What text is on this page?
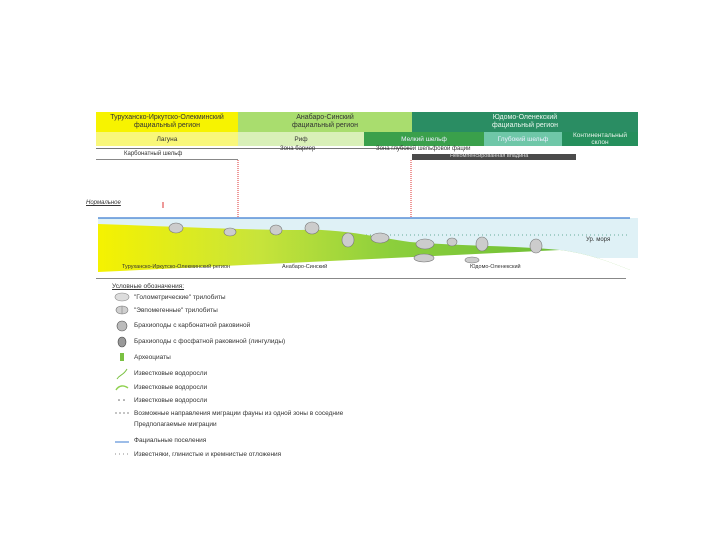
Туруханско-Иркутско-Олекминский
фациальный регион
Анабаро-Синский
фациальный регион
Юдомо-Оленекский
фациальный регион
Лагуна	Риф	Мелкий шельф	Глубокий шельф	Континентальный
склон
Карбонатный шельф
Зона бариер	Зона глубокой шельфовой фации
Некомпенсированная впадина
Нормальное
Ур. моря
Туруханско-Иркутско-Олекминский регион	Анабаро-Синский	Юдомо-Оленекский
Условные обозначения:
"Голометрические" трилобиты
"Эвпомегенные" трилобиты
Брахиоподы с карбонатной раковиной
Брахиоподы с фосфатной раковиной (лингулиды)
Археоциаты
Известковые водоросли
Известковые водоросли
Известковые водоросли
Возможные направления миграции фауны из одной зоны в соседние
Предполагаемые миграции
Фациальные поселения
Известняки, глинистые и кремнистые отложения
